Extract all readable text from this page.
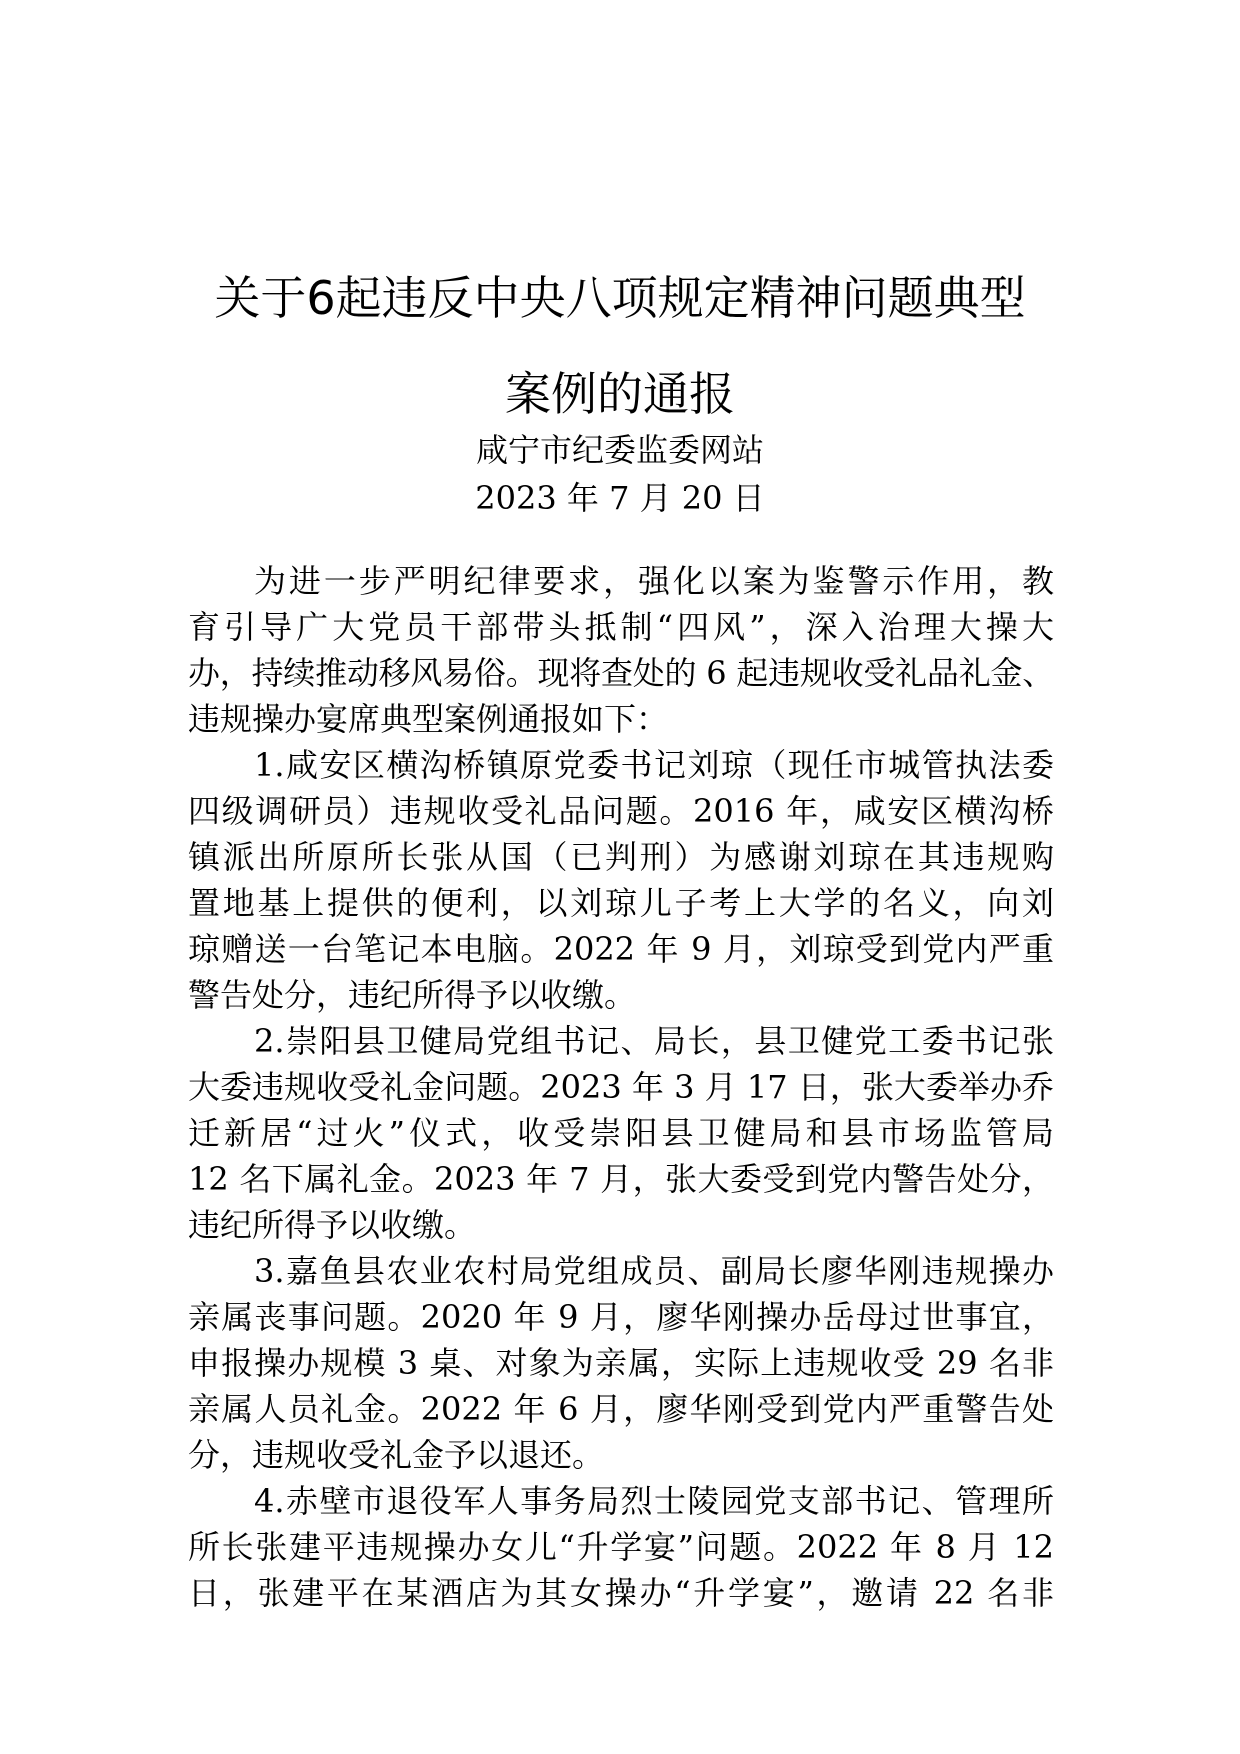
关于6起违反中央八项规定精神问题典型
案例的通报
咸宁市纪委监委网站
2023 年 7 月 20 日
为进一步严明纪律要求，强化以案为鉴警示作用，教
育引导广大党员干部带头抵制“四风”，深入治理大操大
办，持续推动移风易俗。现将查处的 6 起违规收受礼品礼金、
违规操办宴席典型案例通报如下：
1.咸安区横沟桥镇原党委书记刘琼（现任市城管执法委
四级调研员）违规收受礼品问题。2016 年，咸安区横沟桥
镇派出所原所长张从国（已判刑）为感谢刘琼在其违规购
置地基上提供的便利，以刘琼儿子考上大学的名义，向刘
琼赠送一台笔记本电脑。2022 年 9 月，刘琼受到党内严重
警告处分，违纪所得予以收缴。
2.崇阳县卫健局党组书记、局长，县卫健党工委书记张
大委违规收受礼金问题。2023 年 3 月 17 日，张大委举办乔
迁新居“过火”仪式，收受崇阳县卫健局和县市场监管局
12 名下属礼金。2023 年 7 月，张大委受到党内警告处分，
违纪所得予以收缴。
3.嘉鱼县农业农村局党组成员、副局长廖华刚违规操办
亲属丧事问题。2020 年 9 月，廖华刚操办岳母过世事宜，
申报操办规模 3 桌、对象为亲属，实际上违规收受 29 名非
亲属人员礼金。2022 年 6 月，廖华刚受到党内严重警告处
分，违规收受礼金予以退还。
4.赤壁市退役军人事务局烈士陵园党支部书记、管理所
所长张建平违规操办女儿“升学宴”问题。2022 年 8 月 12
日，张建平在某酒店为其女操办“升学宴”，邀请 22 名非
